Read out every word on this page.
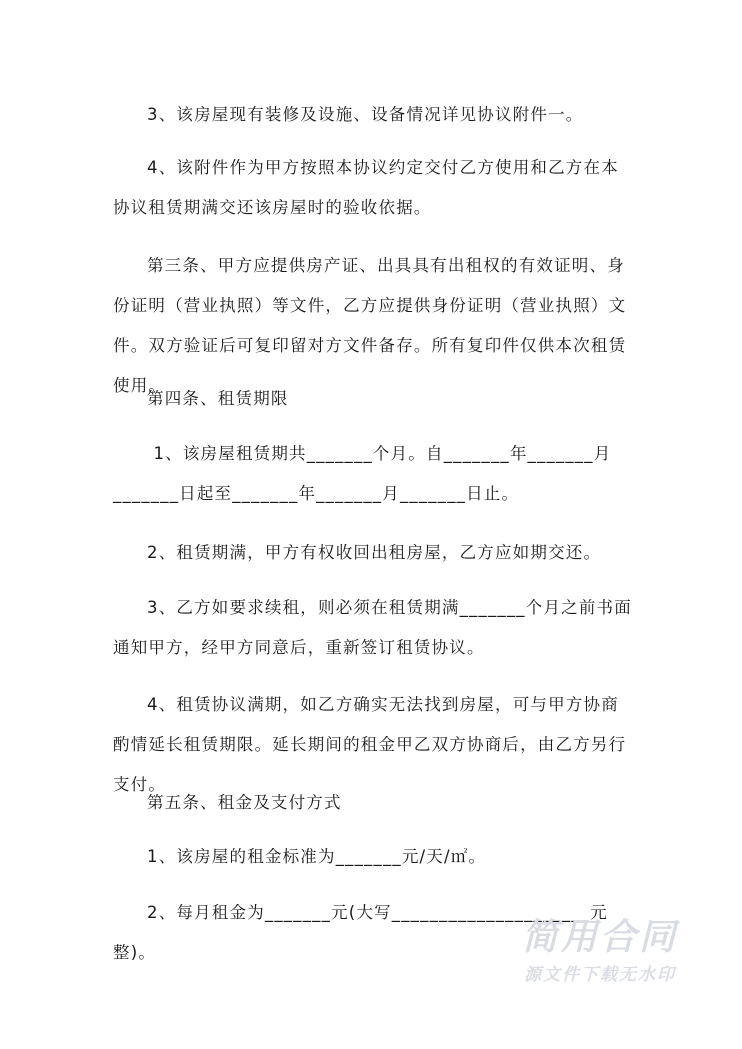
3、该房屋现有装修及设施、设备情况详见协议附件一。

4、该附件作为甲方按照本协议约定交付乙方使用和乙方在本协议租赁期满交还该房屋时的验收依据。

第三条、甲方应提供房产证、出具具有出租权的有效证明、身份证明（营业执照）等文件，乙方应提供身份证明（营业执照）文件。双方验证后可复印留对方文件备存。所有复印件仅供本次租赁使用。

第四条、租赁期限

1、该房屋租赁期共_______个月。自_______年_______月_______日起至_______年_______月_______日止。

2、租赁期满，甲方有权收回出租房屋，乙方应如期交还。

3、乙方如要求续租，则必须在租赁期满_______个月之前书面通知甲方，经甲方同意后，重新签订租赁协议。

4、租赁协议满期，如乙方确实无法找到房屋，可与甲方协商酌情延长租赁期限。延长期间的租金甲乙双方协商后，由乙方另行支付。

第五条、租金及支付方式

1、该房屋的租金标准为_______元/天/㎡。

2、每月租金为_______元(大写_____________________元整)。	简用合同
源文件下载无水印
